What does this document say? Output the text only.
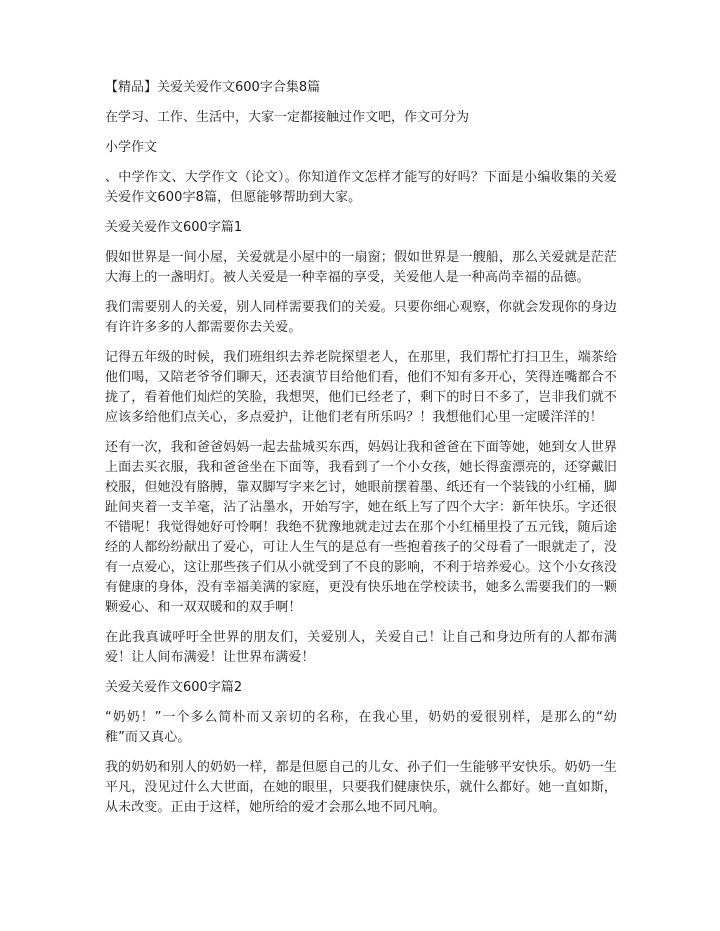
【精品】关爱关爱作文600字合集8篇
在学习、工作、生活中，大家一定都接触过作文吧，作文可分为
小学作文
、中学作文、大学作文（论文）。你知道作文怎样才能写的好吗？下面是小编收集的关爱关爱作文600字8篇，但愿能够帮助到大家。
关爱关爱作文600字篇1
假如世界是一间小屋，关爱就是小屋中的一扇窗；假如世界是一艘船，那么关爱就是茫茫大海上的一盏明灯。被人关爱是一种幸福的享受，关爱他人是一种高尚幸福的品德。
我们需要别人的关爱，别人同样需要我们的关爱。只要你细心观察，你就会发现你的身边有许许多多的人都需要你去关爱。
记得五年级的时候，我们班组织去养老院探望老人，在那里，我们帮忙打扫卫生，端茶给他们喝，又陪老爷爷们聊天，还表演节目给他们看，他们不知有多开心，笑得连嘴都合不拢了，看着他们灿烂的笑脸，我想哭，他们已经老了，剩下的时日不多了，岂非我们就不应该多给他们点关心，多点爱护，让他们老有所乐吗？！我想他们心里一定暖洋洋的！
还有一次，我和爸爸妈妈一起去盐城买东西，妈妈让我和爸爸在下面等她，她到女人世界上面去买衣服，我和爸爸坐在下面等，我看到了一个小女孩，她长得蛮漂亮的，还穿戴旧校服，但她没有胳膊，靠双脚写字来乞讨，她眼前摆着墨、纸还有一个装钱的小红桶，脚趾间夹着一支羊毫，沾了沾墨水，开始写字，她在纸上写了四个大字：新年快乐。字还很不错呢！我觉得她好可怜啊！我绝不犹豫地就走过去在那个小红桶里投了五元钱，随后途经的人都纷纷献出了爱心，可让人生气的是总有一些抱着孩子的父母看了一眼就走了，没有一点爱心，这让那些孩子们从小就受到了不良的影响，不利于培养爱心。这个小女孩没有健康的身体，没有幸福美满的家庭，更没有快乐地在学校读书，她多么需要我们的一颗颗爱心、和一双双暖和的双手啊！
在此我真诚呼吁全世界的朋友们，关爱别人，关爱自己！让自己和身边所有的人都布满爱！让人间布满爱！让世界布满爱！
关爱关爱作文600字篇2
“奶奶！”一个多么简朴而又亲切的名称，在我心里，奶奶的爱很别样，是那么的“幼稚”而又真心。
我的奶奶和别人的奶奶一样，都是但愿自己的儿女、孙子们一生能够平安快乐。奶奶一生平凡，没见过什么大世面，在她的眼里，只要我们健康快乐，就什么都好。她一直如斯，从未改变。正由于这样，她所给的爱才会那么地不同凡响。
